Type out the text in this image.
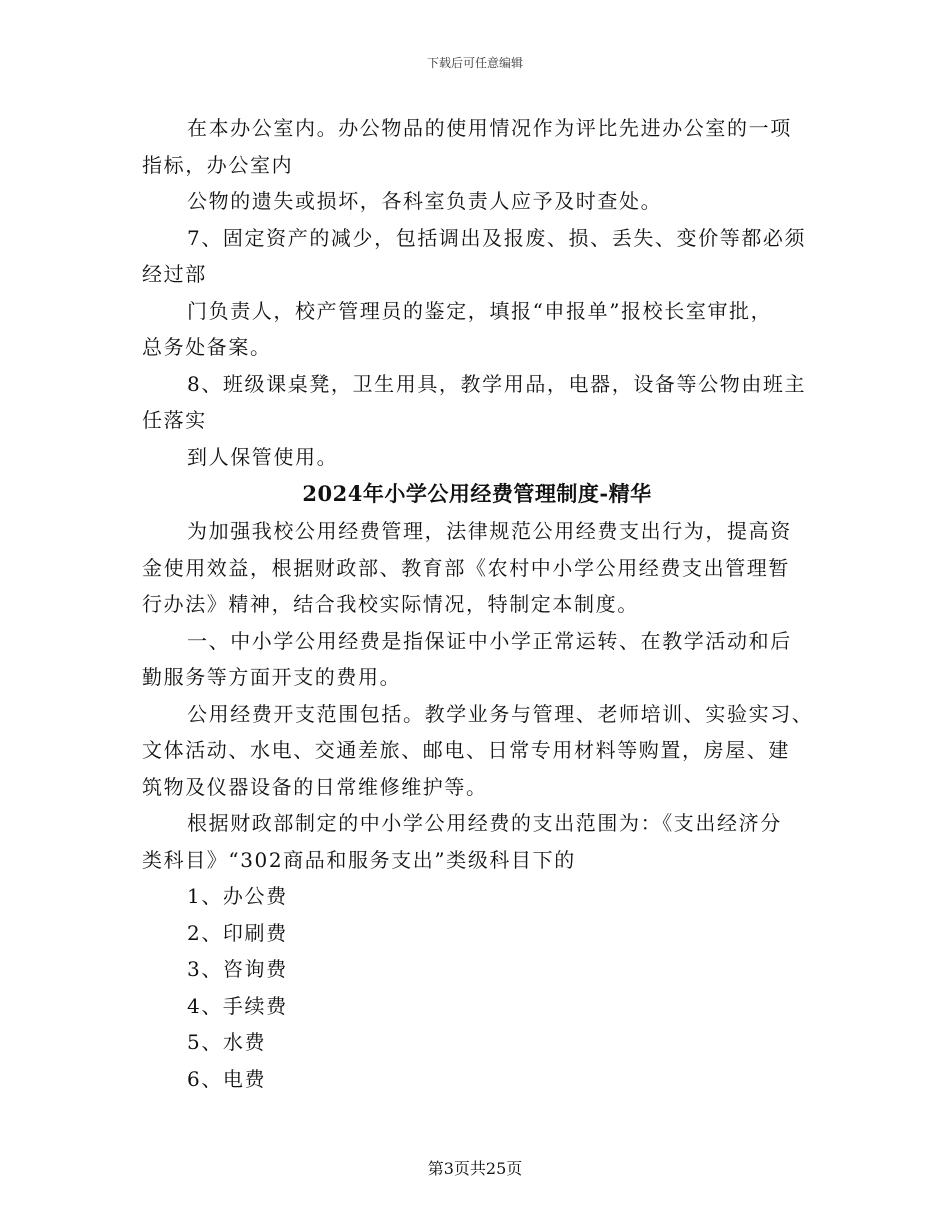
下载后可任意编辑
在本办公室内。办公物品的使用情况作为评比先进办公室的一项
指标，办公室内
公物的遗失或损坏，各科室负责人应予及时查处。
7、固定资产的减少，包括调出及报废、损、丢失、变价等都必须
经过部
门负责人，校产管理员的鉴定，填报“申报单”报校长室审批，
总务处备案。
8、班级课桌凳，卫生用具，教学用品，电器，设备等公物由班主
任落实
到人保管使用。
2024年小学公用经费管理制度-精华
为加强我校公用经费管理，法律规范公用经费支出行为，提高资
金使用效益，根据财政部、教育部《农村中小学公用经费支出管理暂
行办法》精神，结合我校实际情况，特制定本制度。
一、中小学公用经费是指保证中小学正常运转、在教学活动和后
勤服务等方面开支的费用。
公用经费开支范围包括。教学业务与管理、老师培训、实验实习、
文体活动、水电、交通差旅、邮电、日常专用材料等购置，房屋、建
筑物及仪器设备的日常维修维护等。
根据财政部制定的中小学公用经费的支出范围为：《支出经济分
类科目》“302商品和服务支出”类级科目下的
1、办公费
2、印刷费
3、咨询费
4、手续费
5、水费
6、电费
第3页共25页
